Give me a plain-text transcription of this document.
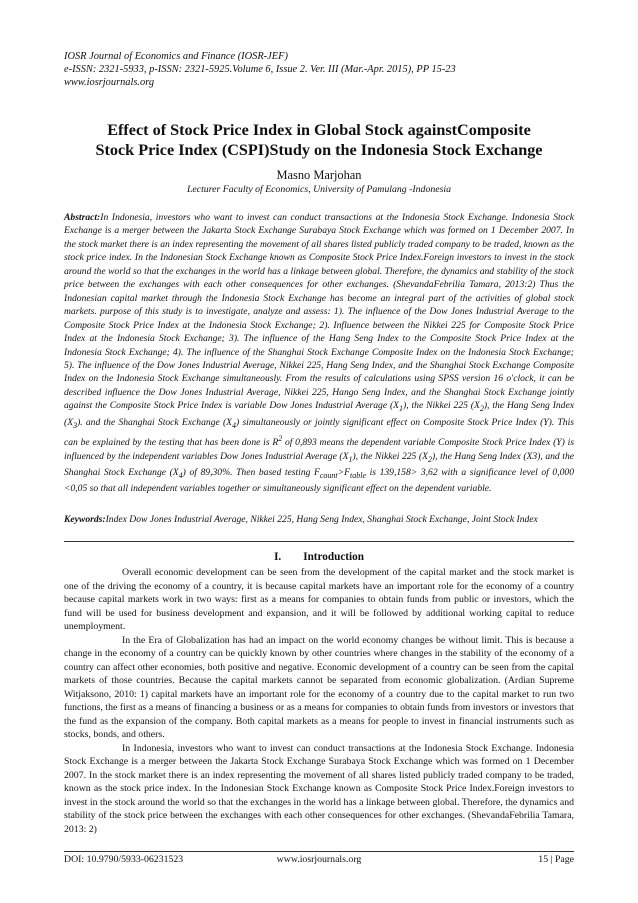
IOSR Journal of Economics and Finance (IOSR-JEF)
e-ISSN: 2321-5933, p-ISSN: 2321-5925.Volume 6, Issue 2. Ver. III (Mar.-Apr. 2015), PP 15-23
www.iosrjournals.org
Effect of Stock Price Index in Global Stock againstComposite
Stock Price Index (CSPI)Study on the Indonesia Stock Exchange
Masno Marjohan
Lecturer Faculty of Economics, University of Pamulang -Indonesia
Abstract:In Indonesia, investors who want to invest can conduct transactions at the Indonesia Stock Exchange. Indonesia Stock Exchange is a merger between the Jakarta Stock Exchange Surabaya Stock Exchange which was formed on 1 December 2007. In the stock market there is an index representing the movement of all shares listed publicly traded company to be traded, known as the stock price index. In the Indonesian Stock Exchange known as Composite Stock Price Index.Foreign investors to invest in the stock around the world so that the exchanges in the world has a linkage between global. Therefore, the dynamics and stability of the stock price between the exchanges with each other consequences for other exchanges. (ShevandaFebrilia Tamara, 2013:2) Thus the Indonesian capital market through the Indonesia Stock Exchange has become an integral part of the activities of global stock markets. purpose of this study is to investigate, analyze and assess: 1). The influence of the Dow Jones Industrial Average to the Composite Stock Price Index at the Indonesia Stock Exchange; 2). Influence between the Nikkei 225 for Composite Stock Price Index at the Indonesia Stock Exchange; 3). The influence of the Hang Seng Index to the Composite Stock Price Index at the Indonesia Stock Exchange; 4). The influence of the Shanghai Stock Exchange Composite Index on the Indonesia Stock Exchange; 5). The influence of the Dow Jones Industrial Average, Nikkei 225, Hang Seng Index, and the Shanghai Stock Exchange Composite Index on the Indonesia Stock Exchange simultaneously. From the results of calculations using SPSS version 16 o'clock, it can be described influence the Dow Jones Industrial Average, Nikkei 225, Hango Seng Index, and the Shanghai Stock Exchange jointly against the Composite Stock Price Index is variable Dow Jones Industrial Average $(X_1)$, the Nikkei 225 $(X_2)$, the Hang Seng Index $(X_3)$. and the Shanghai Stock Exchange $(X_4)$ simultaneously or jointly significant effect on Composite Stock Price Index (Y). This can be explained by the testing that has been done is $R^2$ of 0,893 means the dependent variable Composite Stock Price Index (Y) is influenced by the independent variables Dow Jones Industrial Average $(X_1)$, the Nikkei 225 $(X_2)$, the Hang Seng Index (X3), and the Shanghai Stock Exchange $(X_4)$ of 89,30%. Then based testing $F_{count}>F_{table}$ is 139,158> 3,62 with a significance level of 0,000 <0,05 so that all independent variables together or simultaneously significant effect on the dependent variable.
Keywords:Index Dow Jones Industrial Average, Nikkei 225, Hang Seng Index, Shanghai Stock Exchange, Joint Stock Index
I. Introduction

Overall economic development can be seen from the development of the capital market and the stock market is one of the driving the economy of a country, it is because capital markets have an important role for the economy of a country because capital markets work in two ways: first as a means for companies to obtain funds from public or investors, which the fund will be used for business development and expansion, and it will be followed by additional working capital to reduce unemployment.

In the Era of Globalization has had an impact on the world economy changes be without limit. This is because a change in the economy of a country can be quickly known by other countries where changes in the stability of the economy of a country can affect other economies, both positive and negative. Economic development of a country can be seen from the capital markets of those countries. Because the capital markets cannot be separated from economic globalization. (Ardian Supreme Witjaksono, 2010: 1) capital markets have an important role for the economy of a country due to the capital market to run two functions, the first as a means of financing a business or as a means for companies to obtain funds from investors or investors that the fund as the expansion of the company. Both capital markets as a means for people to invest in financial instruments such as stocks, bonds, and others.

In Indonesia, investors who want to invest can conduct transactions at the Indonesia Stock Exchange. Indonesia Stock Exchange is a merger between the Jakarta Stock Exchange Surabaya Stock Exchange which was formed on 1 December 2007. In the stock market there is an index representing the movement of all shares listed publicly traded company to be traded, known as the stock price index. In the Indonesian Stock Exchange known as Composite Stock Price Index.Foreign investors to invest in the stock around the world so that the exchanges in the world has a linkage between global. Therefore, the dynamics and stability of the stock price between the exchanges with each other consequences for other exchanges. (ShevandaFebrilia Tamara, 2013: 2)

DOI: 10.9790/5933-06231523	www.iosrjournals.org	15 | Page
